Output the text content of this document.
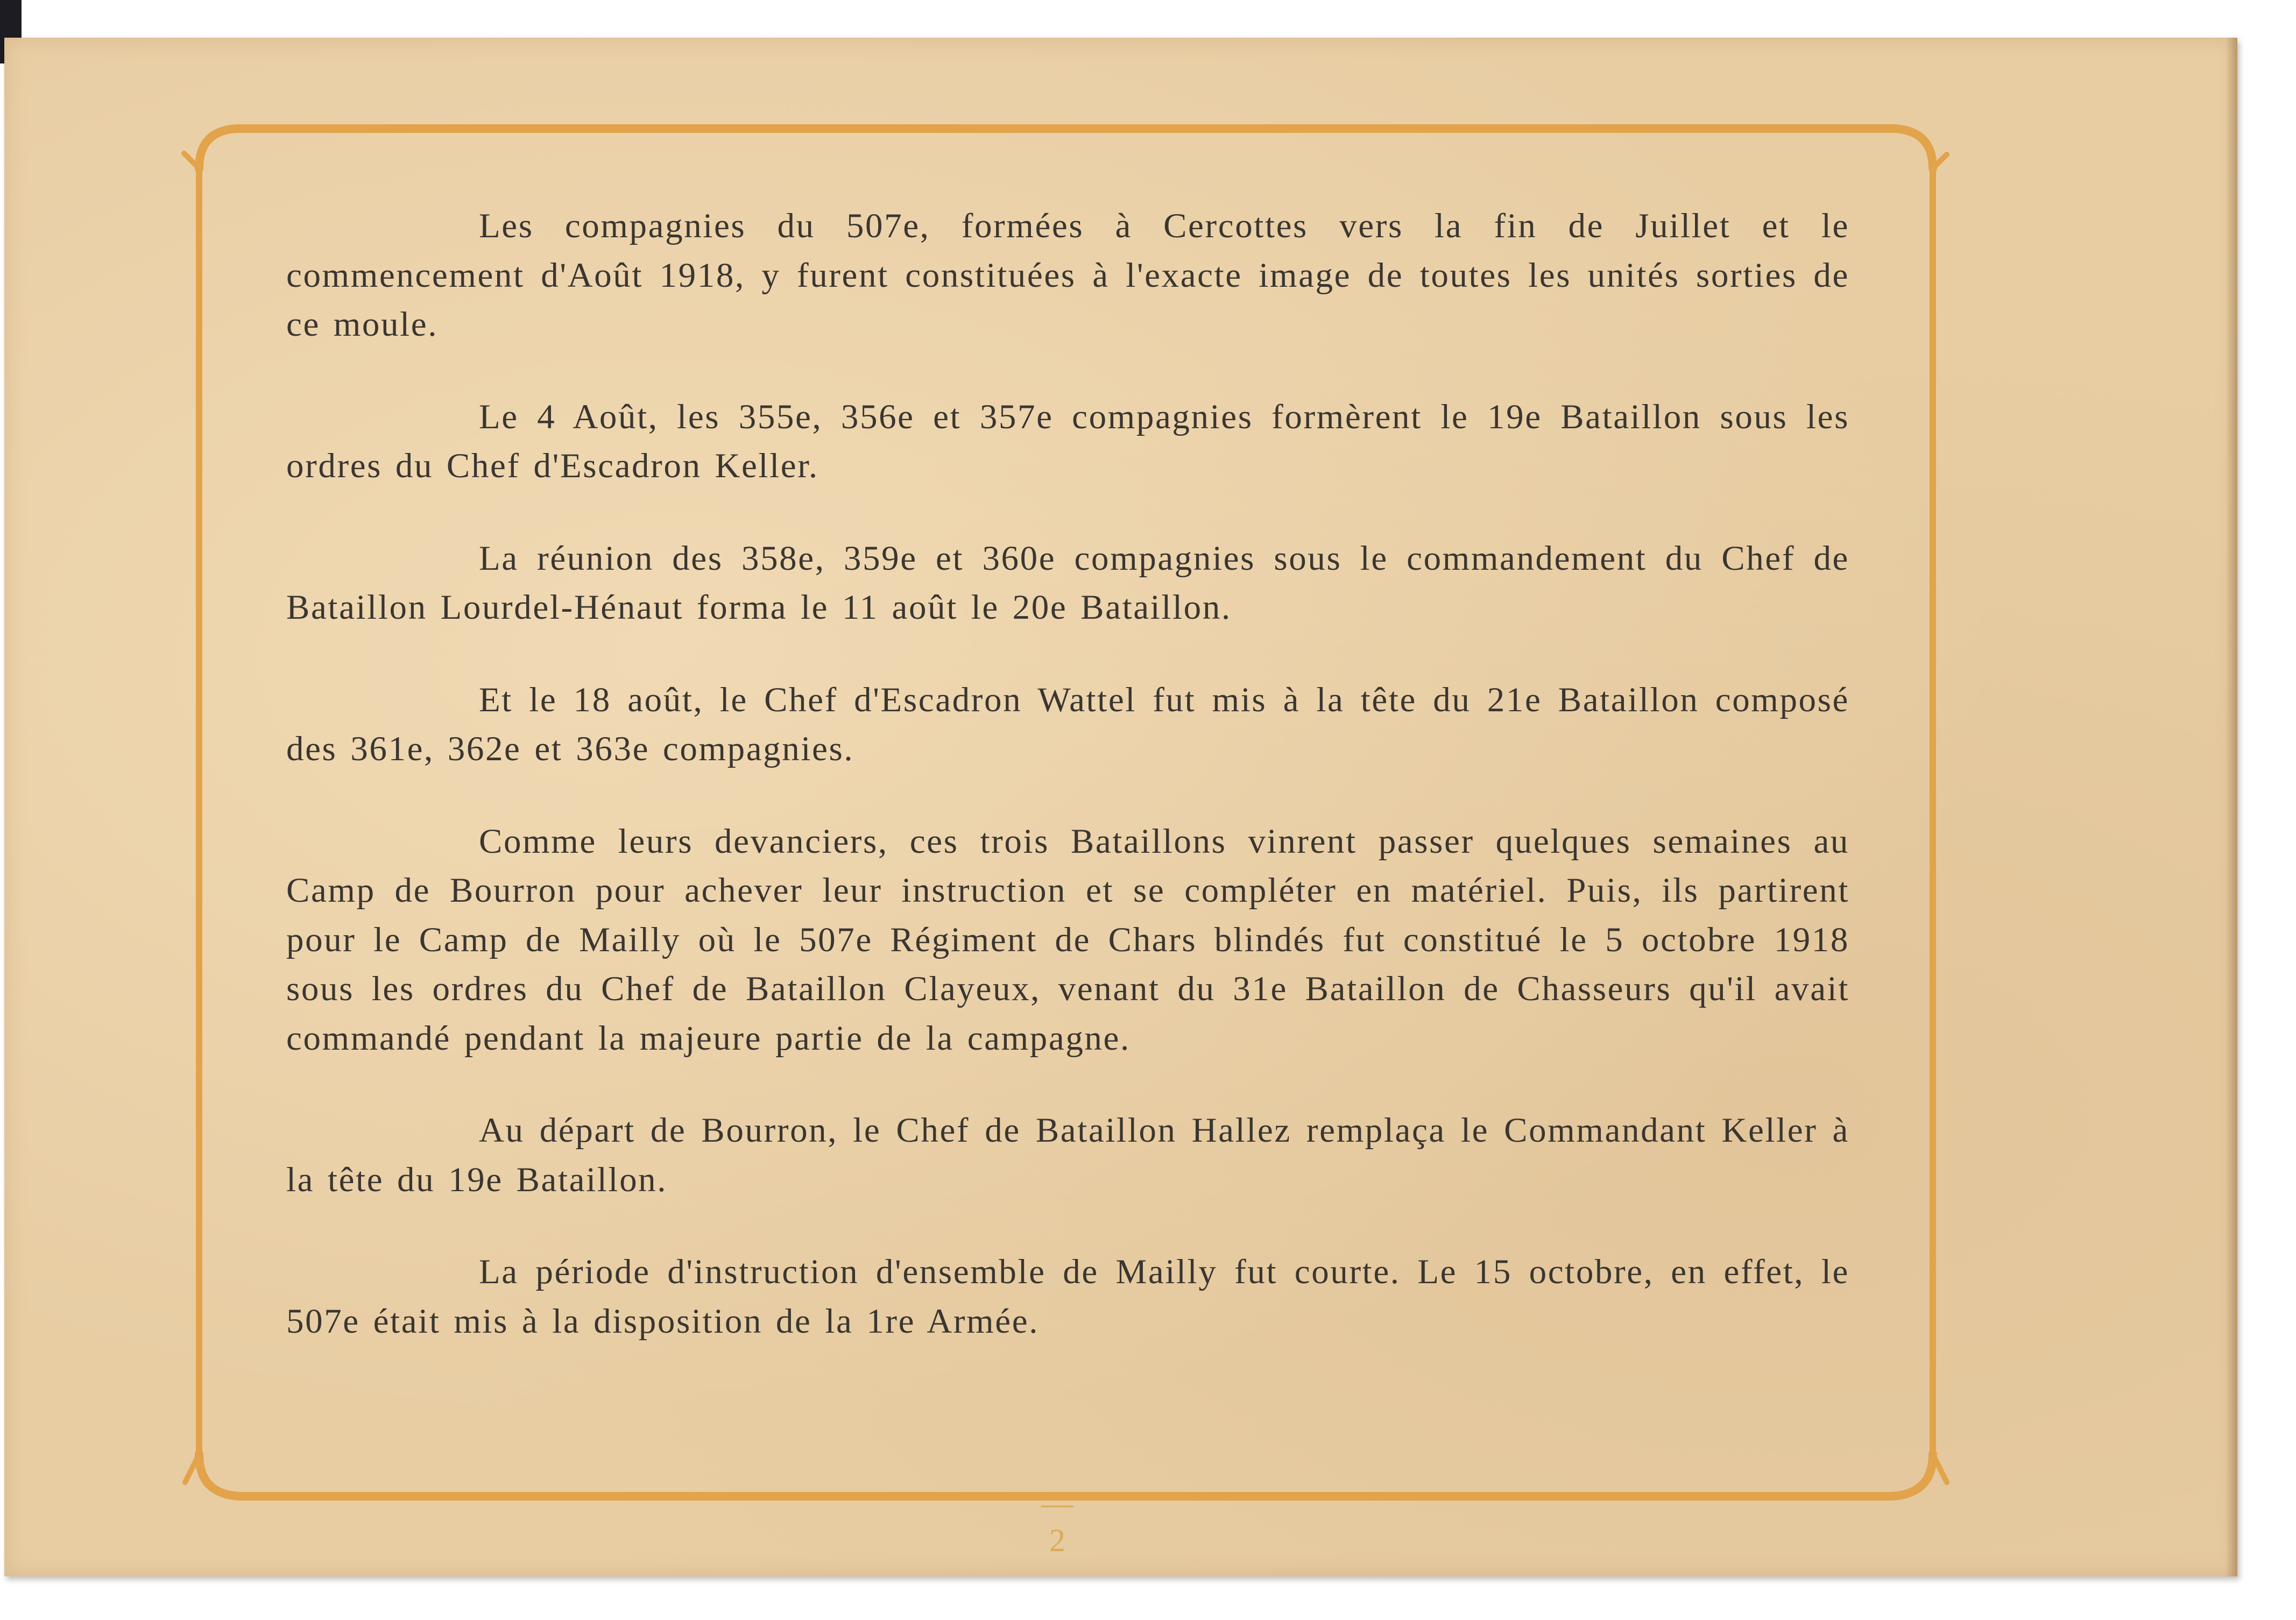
Les compagnies du 507e, formées à Cercottes vers la fin de Juillet et le commencement d'Août 1918, y furent constituées à l'exacte image de toutes les unités sorties de ce moule.

Le 4 Août, les 355e, 356e et 357e compagnies formèrent le 19e Bataillon sous les ordres du Chef d'Escadron Keller.

La réunion des 358e, 359e et 360e compagnies sous le commandement du Chef de Bataillon Lourdel-Hénaut forma le 11 août le 20e Bataillon.

Et le 18 août, le Chef d'Escadron Wattel fut mis à la tête du 21e Bataillon composé des 361e, 362e et 363e compagnies.

Comme leurs devanciers, ces trois Bataillons vinrent passer quelques semaines au Camp de Bourron pour achever leur instruction et se compléter en matériel. Puis, ils partirent pour le Camp de Mailly où le 507e Régiment de Chars blindés fut constitué le 5 octobre 1918 sous les ordres du Chef de Bataillon Clayeux, venant du 31e Bataillon de Chasseurs qu'il avait commandé pendant la majeure partie de la campagne.

Au départ de Bourron, le Chef de Bataillon Hallez remplaça le Commandant Keller à la tête du 19e Bataillon.

La période d'instruction d'ensemble de Mailly fut courte. Le 15 octobre, en effet, le 507e était mis à la disposition de la 1re Armée.

— 2
